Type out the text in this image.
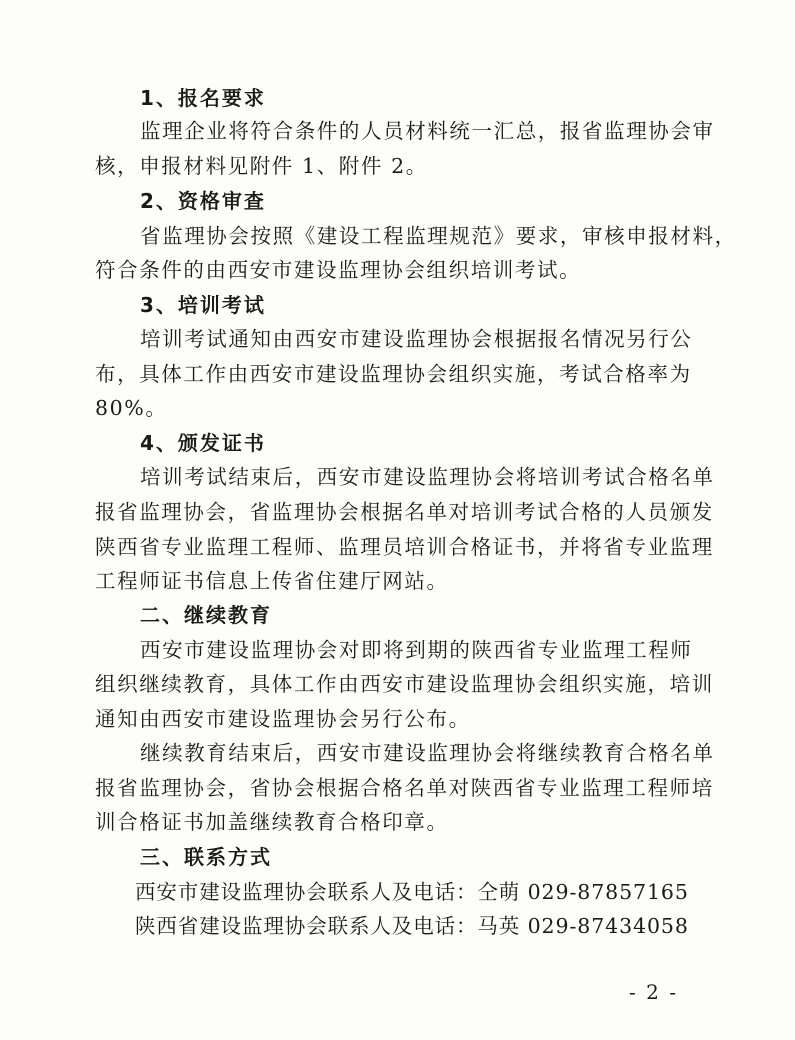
1、报名要求
监理企业将符合条件的人员材料统一汇总，报省监理协会审
核，申报材料见附件 1、附件 2。
2、资格审查
省监理协会按照《建设工程监理规范》要求，审核申报材料，
符合条件的由西安市建设监理协会组织培训考试。
3、培训考试
培训考试通知由西安市建设监理协会根据报名情况另行公
布，具体工作由西安市建设监理协会组织实施，考试合格率为
80%。
4、颁发证书
培训考试结束后，西安市建设监理协会将培训考试合格名单
报省监理协会，省监理协会根据名单对培训考试合格的人员颁发
陕西省专业监理工程师、监理员培训合格证书，并将省专业监理
工程师证书信息上传省住建厅网站。
二、继续教育
西安市建设监理协会对即将到期的陕西省专业监理工程师
组织继续教育，具体工作由西安市建设监理协会组织实施，培训
通知由西安市建设监理协会另行公布。
继续教育结束后，西安市建设监理协会将继续教育合格名单
报省监理协会，省协会根据合格名单对陕西省专业监理工程师培
训合格证书加盖继续教育合格印章。
三、联系方式
西安市建设监理协会联系人及电话：仝萌 029-87857165
陕西省建设监理协会联系人及电话：马英 029-87434058
- 2 -
